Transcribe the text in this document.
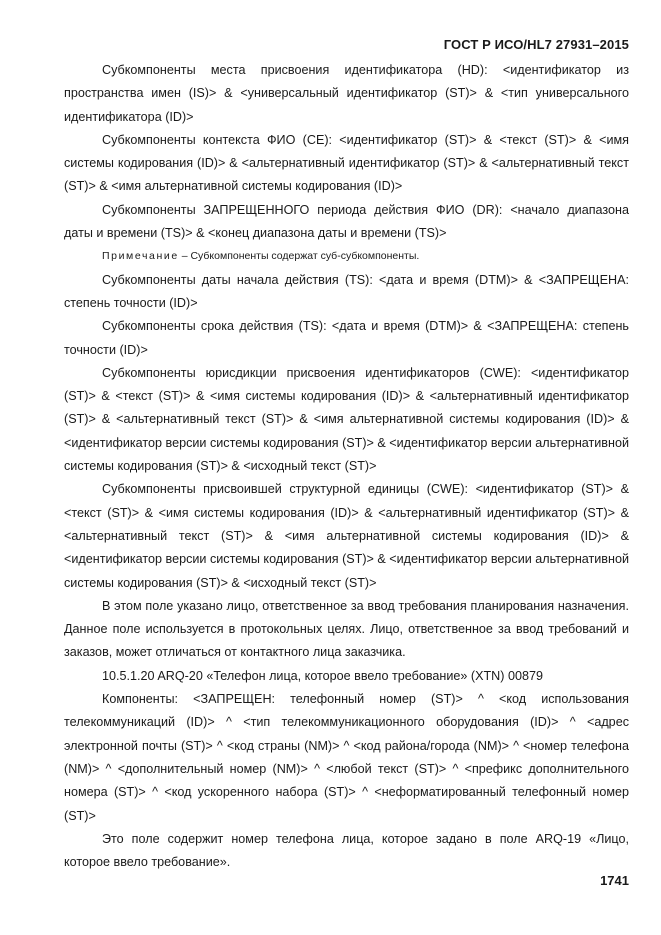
ГОСТ Р ИСО/HL7 27931–2015

Субкомпоненты места присвоения идентификатора (HD): <идентификатор из пространства имен (IS)> & <универсальный идентификатор (ST)> & <тип универсального идентификатора (ID)>

Субкомпоненты контекста ФИО (CE): <идентификатор (ST)> & <текст (ST)> & <имя системы кодирования (ID)> & <альтернативный идентификатор (ST)> & <альтернативный текст (ST)> & <имя альтернативной системы кодирования (ID)>

Субкомпоненты ЗАПРЕЩЕННОГО периода действия ФИО (DR): <начало диапазона даты и времени (TS)> & <конец диапазона даты и времени (TS)>

Примечание – Субкомпоненты содержат суб-субкомпоненты.

Субкомпоненты даты начала действия (TS): <дата и время (DTM)> & <ЗАПРЕЩЕНА: степень точности (ID)>

Субкомпоненты срока действия (TS): <дата и время (DTM)> & <ЗАПРЕЩЕНА: степень точности (ID)>

Субкомпоненты юрисдикции присвоения идентификаторов (CWE): <идентификатор (ST)> & <текст (ST)> & <имя системы кодирования (ID)> & <альтернативный идентификатор (ST)> & <альтернативный текст (ST)> & <имя альтернативной системы кодирования (ID)> & <идентификатор версии системы кодирования (ST)> & <идентификатор версии альтернативной системы кодирования (ST)> & <исходный текст (ST)>

Субкомпоненты присвоившей структурной единицы (CWE): <идентификатор (ST)> & <текст (ST)> & <имя системы кодирования (ID)> & <альтернативный идентификатор (ST)> & <альтернативный текст (ST)> & <имя альтернативной системы кодирования (ID)> & <идентификатор версии системы кодирования (ST)> & <идентификатор версии альтернативной системы кодирования (ST)> & <исходный текст (ST)>

В этом поле указано лицо, ответственное за ввод требования планирования назначения. Данное поле используется в протокольных целях. Лицо, ответственное за ввод требований и заказов, может отличаться от контактного лица заказчика.

10.5.1.20 ARQ-20 «Телефон лица, которое ввело требование» (XTN) 00879

Компоненты: <ЗАПРЕЩЕН: телефонный номер (ST)> ^ <код использования телекоммуникаций (ID)> ^ <тип телекоммуникационного оборудования (ID)> ^ <адрес электронной почты (ST)> ^ <код страны (NM)> ^ <код района/города (NM)> ^ <номер телефона (NM)> ^ <дополнительный номер (NM)> ^ <любой текст (ST)> ^ <префикс дополнительного номера (ST)> ^ <код ускоренного набора (ST)> ^ <неформатированный телефонный номер (ST)>

Это поле содержит номер телефона лица, которое задано в поле ARQ-19 «Лицо, которое ввело требование».

1741
